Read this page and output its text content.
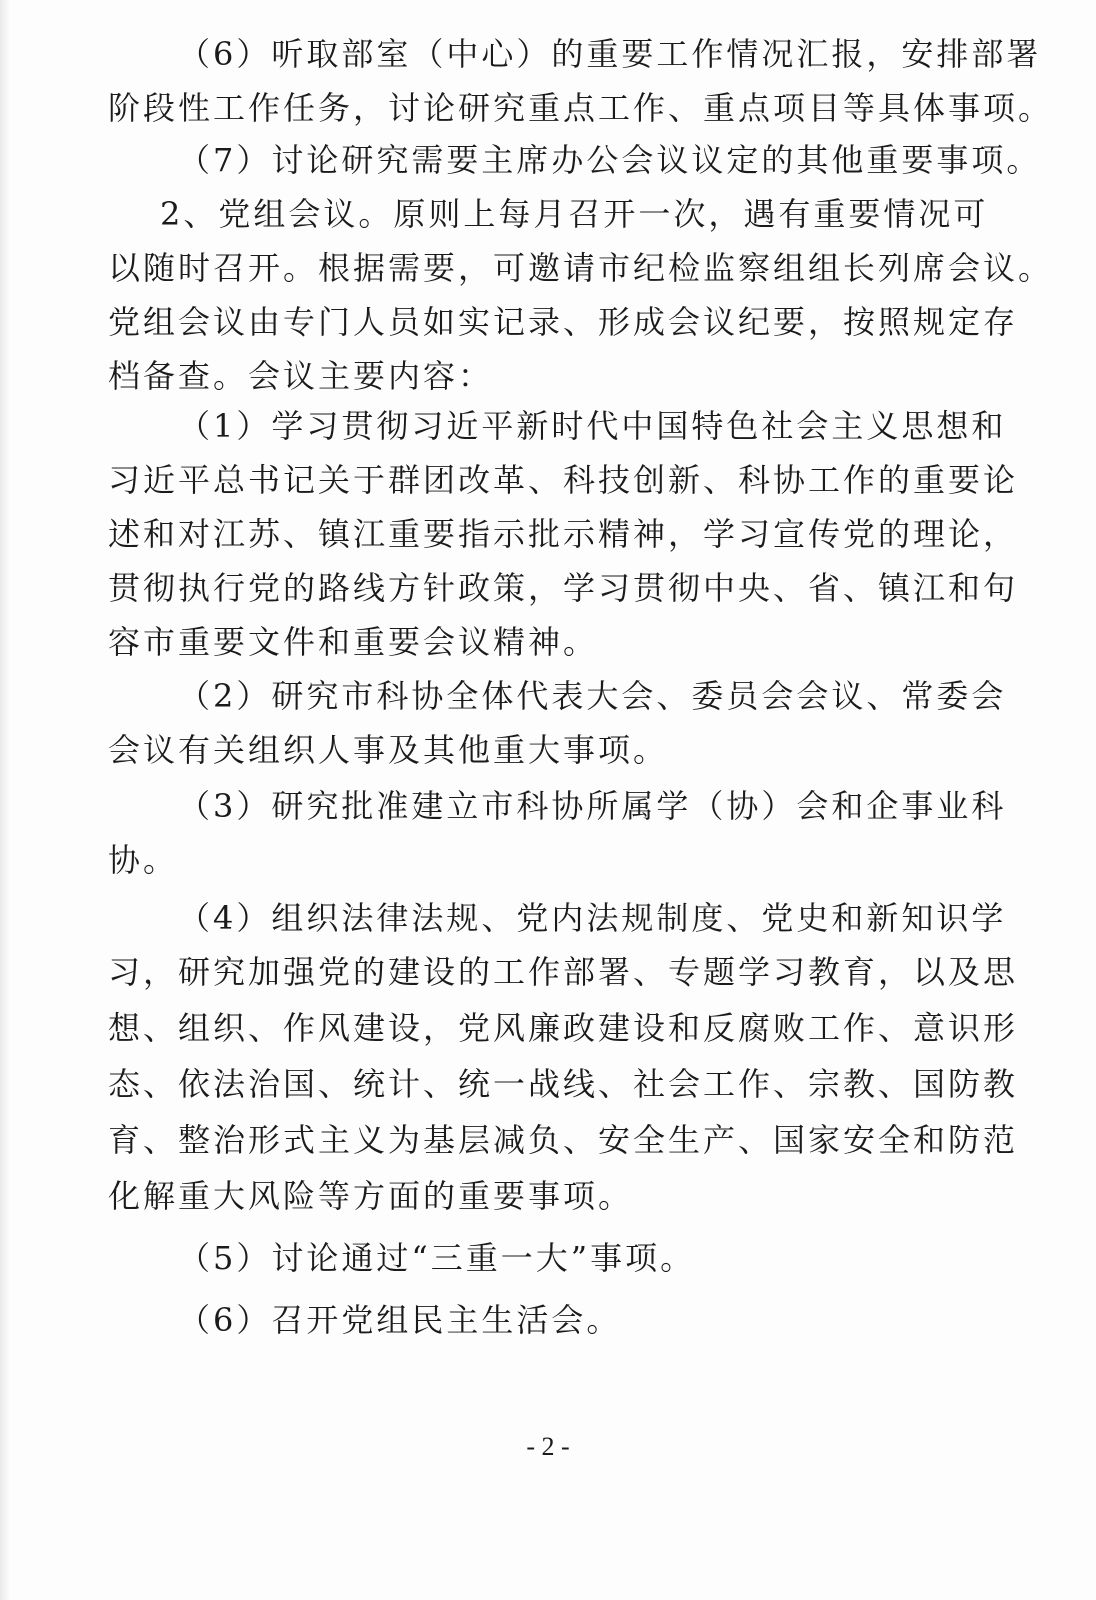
（6）听取部室（中心）的重要工作情况汇报，安排部署
阶段性工作任务，讨论研究重点工作、重点项目等具体事项。
（7）讨论研究需要主席办公会议议定的其他重要事项。
2、党组会议。原则上每月召开一次，遇有重要情况可
以随时召开。根据需要，可邀请市纪检监察组组长列席会议。
党组会议由专门人员如实记录、形成会议纪要，按照规定存
档备查。会议主要内容：
（1）学习贯彻习近平新时代中国特色社会主义思想和
习近平总书记关于群团改革、科技创新、科协工作的重要论
述和对江苏、镇江重要指示批示精神，学习宣传党的理论，
贯彻执行党的路线方针政策，学习贯彻中央、省、镇江和句
容市重要文件和重要会议精神。
（2）研究市科协全体代表大会、委员会会议、常委会
会议有关组织人事及其他重大事项。
（3）研究批准建立市科协所属学（协）会和企事业科
协。
（4）组织法律法规、党内法规制度、党史和新知识学
习，研究加强党的建设的工作部署、专题学习教育，以及思
想、组织、作风建设，党风廉政建设和反腐败工作、意识形
态、依法治国、统计、统一战线、社会工作、宗教、国防教
育、整治形式主义为基层减负、安全生产、国家安全和防范
化解重大风险等方面的重要事项。
（5）讨论通过“三重一大”事项。
（6）召开党组民主生活会。
- 2 -
